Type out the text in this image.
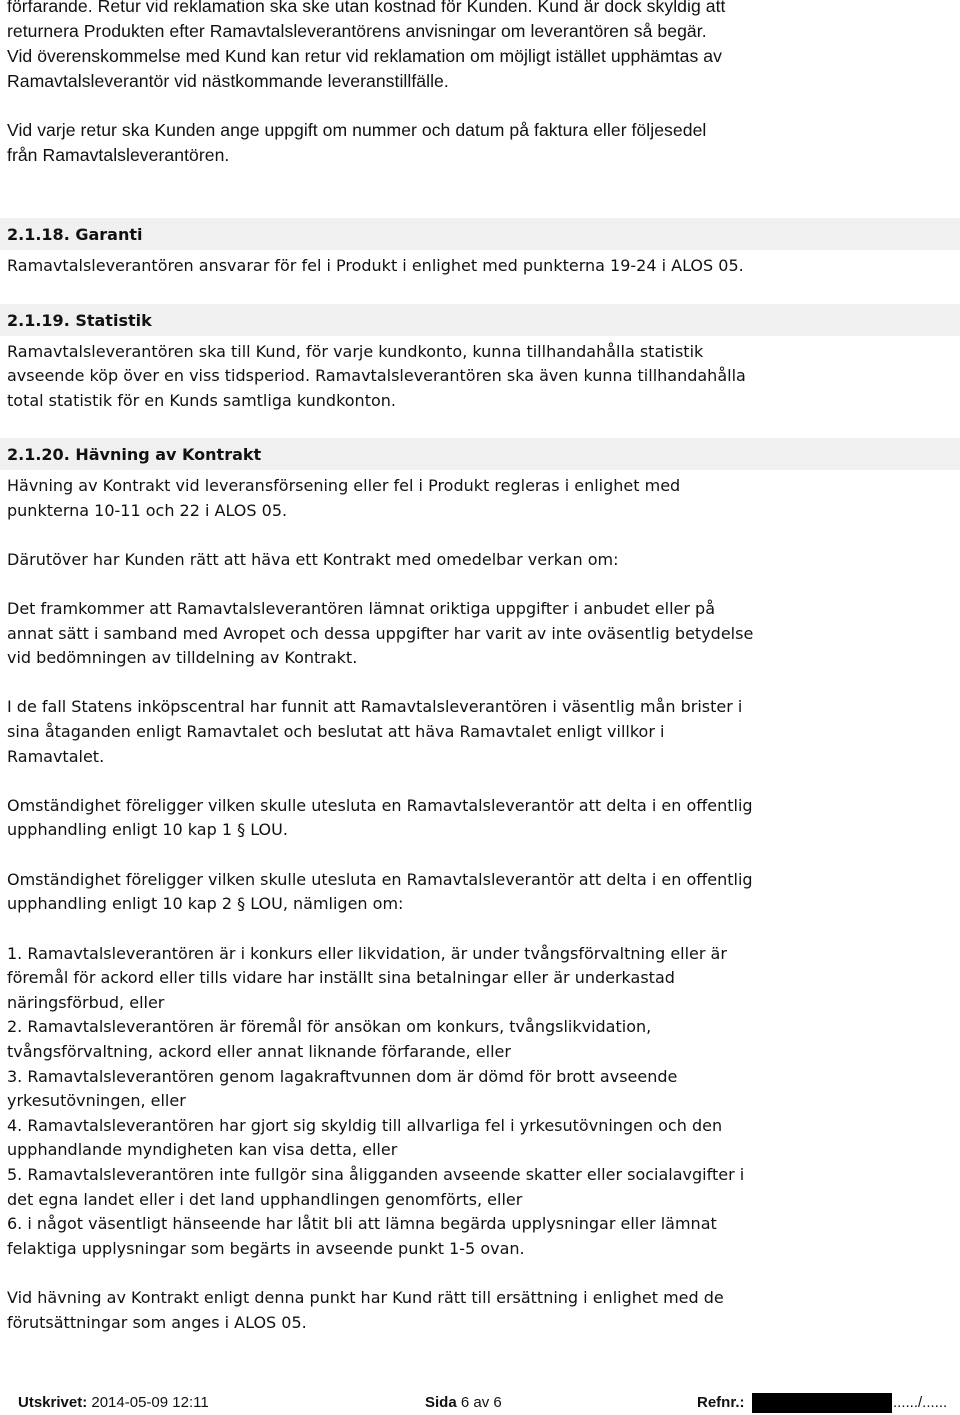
förfarande. Retur vid reklamation ska ske utan kostnad för Kunden. Kund är dock skyldig att
returnera Produkten efter Ramavtalsleverantörens anvisningar om leverantören så begär.
Vid överenskommelse med Kund kan retur vid reklamation om möjligt istället upphämtas av
Ramavtalsleverantör vid nästkommande leveranstillfälle.
Vid varje retur ska Kunden ange uppgift om nummer och datum på faktura eller följesedel
från Ramavtalsleverantören.
2.1.18. Garanti
Ramavtalsleverantören ansvarar för fel i Produkt i enlighet med punkterna 19-24 i ALOS 05.
2.1.19. Statistik
Ramavtalsleverantören ska till Kund, för varje kundkonto, kunna tillhandahålla statistik
avseende köp över en viss tidsperiod. Ramavtalsleverantören ska även kunna tillhandahålla
total statistik för en Kunds samtliga kundkonton.
2.1.20. Hävning av Kontrakt
Hävning av Kontrakt vid leveransförsening eller fel i Produkt regleras i enlighet med
punkterna 10-11 och 22 i ALOS 05.
Därutöver har Kunden rätt att häva ett Kontrakt med omedelbar verkan om:
Det framkommer att Ramavtalsleverantören lämnat oriktiga uppgifter i anbudet eller på
annat sätt i samband med Avropet och dessa uppgifter har varit av inte oväsentlig betydelse
vid bedömningen av tilldelning av Kontrakt.
I de fall Statens inköpscentral har funnit att Ramavtalsleverantören i väsentlig mån brister i
sina åtaganden enligt Ramavtalet och beslutat att häva Ramavtalet enligt villkor i
Ramavtalet.
Omständighet föreligger vilken skulle utesluta en Ramavtalsleverantör att delta i en offentlig
upphandling enligt 10 kap 1 § LOU.
Omständighet föreligger vilken skulle utesluta en Ramavtalsleverantör att delta i en offentlig
upphandling enligt 10 kap 2 § LOU, nämligen om:
1. Ramavtalsleverantören är i konkurs eller likvidation, är under tvångsförvaltning eller är
föremål för ackord eller tills vidare har inställt sina betalningar eller är underkastad
näringsförbud, eller
2. Ramavtalsleverantören är föremål för ansökan om konkurs, tvångslikvidation,
tvångsförvaltning, ackord eller annat liknande förfarande, eller
3. Ramavtalsleverantören genom lagakraftvunnen dom är dömd för brott avseende
yrkesutövningen, eller
4. Ramavtalsleverantören har gjort sig skyldig till allvarliga fel i yrkesutövningen och den
upphandlande myndigheten kan visa detta, eller
5. Ramavtalsleverantören inte fullgör sina åligganden avseende skatter eller socialavgifter i
det egna landet eller i det land upphandlingen genomförts, eller
6. i något väsentligt hänseende har låtit bli att lämna begärda upplysningar eller lämnat
felaktiga upplysningar som begärts in avseende punkt 1-5 ovan.
Vid hävning av Kontrakt enligt denna punkt har Kund rätt till ersättning i enlighet med de
förutsättningar som anges i ALOS 05.
Utskrivet: 2014-05-09 12:11	Sida 6 av 6	Refnr.:	....../......
